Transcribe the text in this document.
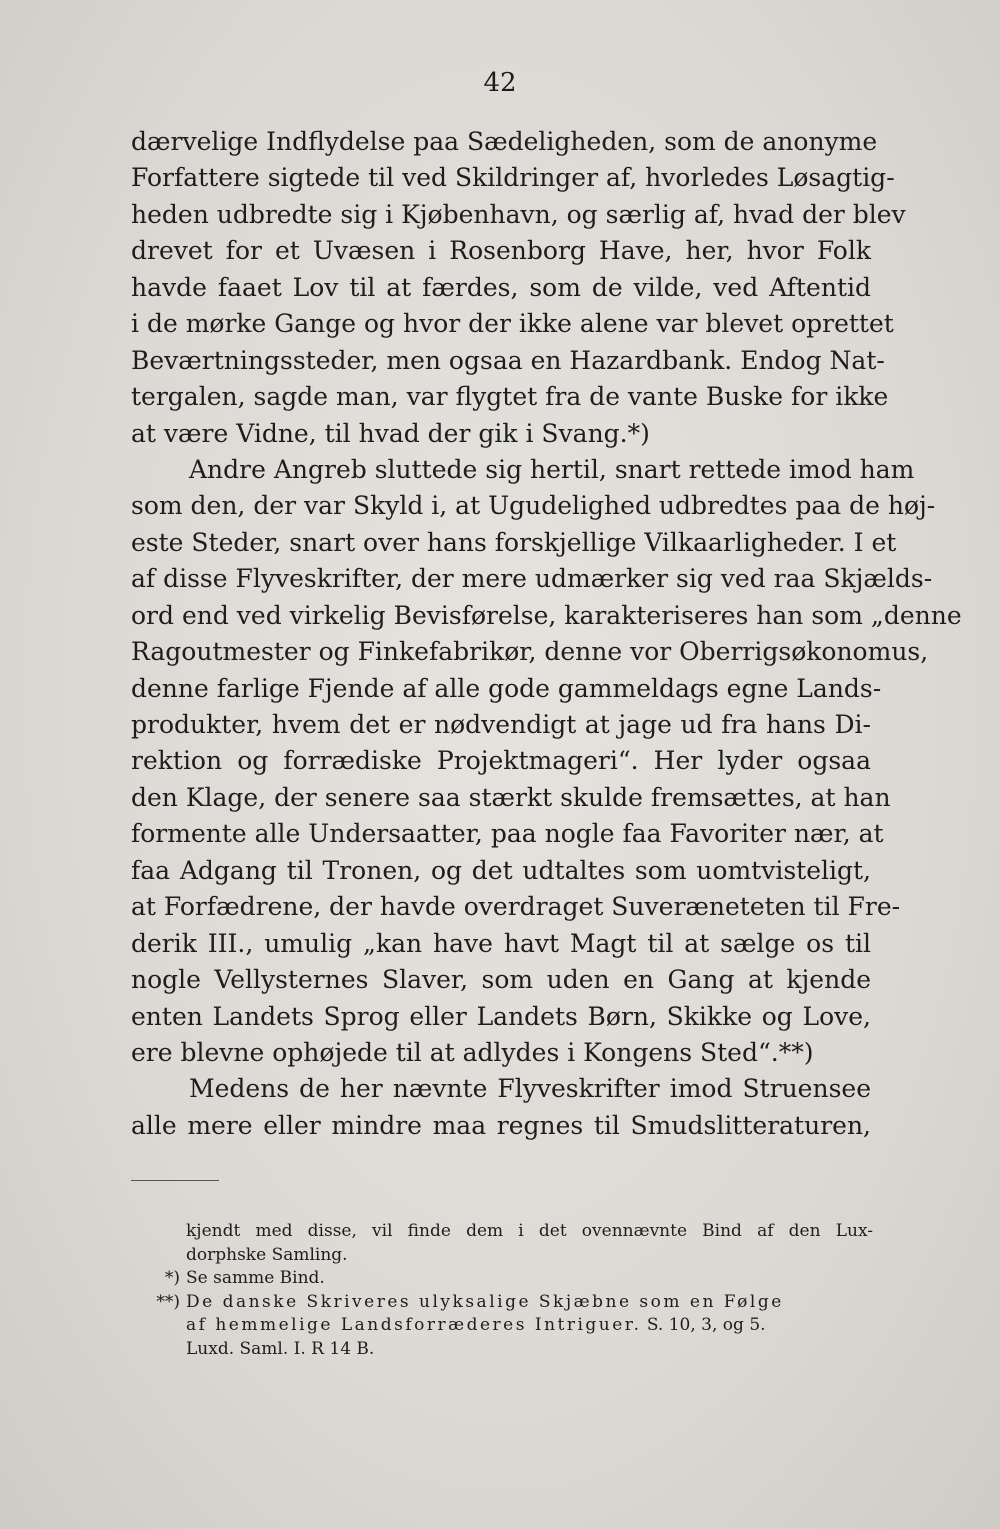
42
dærvelige Indflydelse paa Sædeligheden, som de anonyme
Forfattere sigtede til ved Skildringer af, hvorledes Løsagtig-
heden udbredte sig i Kjøbenhavn, og særlig af, hvad der blev
drevet for et Uvæsen i Rosenborg Have, her, hvor Folk
havde faaet Lov til at færdes, som de vilde, ved Aftentid
i de mørke Gange og hvor der ikke alene var blevet oprettet
Beværtningssteder, men ogsaa en Hazardbank. Endog Nat-
tergalen, sagde man, var flygtet fra de vante Buske for ikke
at være Vidne, til hvad der gik i Svang.*)
Andre Angreb sluttede sig hertil, snart rettede imod ham
som den, der var Skyld i, at Ugudelighed udbredtes paa de høj-
este Steder, snart over hans forskjellige Vilkaarligheder. I et
af disse Flyveskrifter, der mere udmærker sig ved raa Skjælds-
ord end ved virkelig Bevisførelse, karakteriseres han som „denne
Ragoutmester og Finkefabrikør, denne vor Oberrigsøkonomus,
denne farlige Fjende af alle gode gammeldags egne Lands-
produkter, hvem det er nødvendigt at jage ud fra hans Di-
rektion og forrædiske Projektmageri“. Her lyder ogsaa
den Klage, der senere saa stærkt skulde fremsættes, at han
formente alle Undersaatter, paa nogle faa Favoriter nær, at
faa Adgang til Tronen, og det udtaltes som uomtvisteligt,
at Forfædrene, der havde overdraget Suveræneteten til Fre-
derik III., umulig „kan have havt Magt til at sælge os til
nogle Vellysternes Slaver, som uden en Gang at kjende
enten Landets Sprog eller Landets Børn, Skikke og Love,
ere blevne ophøjede til at adlydes i Kongens Sted“.**)
Medens de her nævnte Flyveskrifter imod Struensee
alle mere eller mindre maa regnes til Smudslitteraturen,
kjendt med disse, vil finde dem i det ovennævnte Bind af den Lux-
dorphske Samling.
*) Se samme Bind.
**) De danske Skriveres ulyksalige Skjæbne som en Følge
af hemmelige Landsforræderes Intriguer. S. 10, 3, og 5.
Luxd. Saml. I. R 14 B.
